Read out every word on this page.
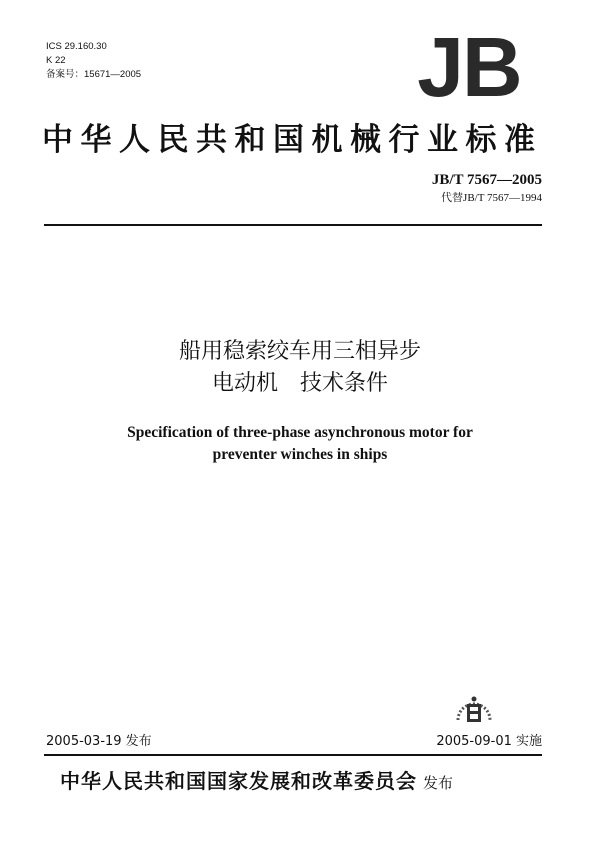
ICS 29.160.30
K 22
备案号：15671—2005	JB
中华人民共和国机械行业标准
JB/T 7567—2005
代替JB/T 7567—1994
船用稳索绞车用三相异步
电动机　技术条件
Specification of three-phase asynchronous motor for
preventer winches in ships
2005-03-19 发布	2005-09-01 实施
中华人民共和国国家发展和改革委员会 发布
